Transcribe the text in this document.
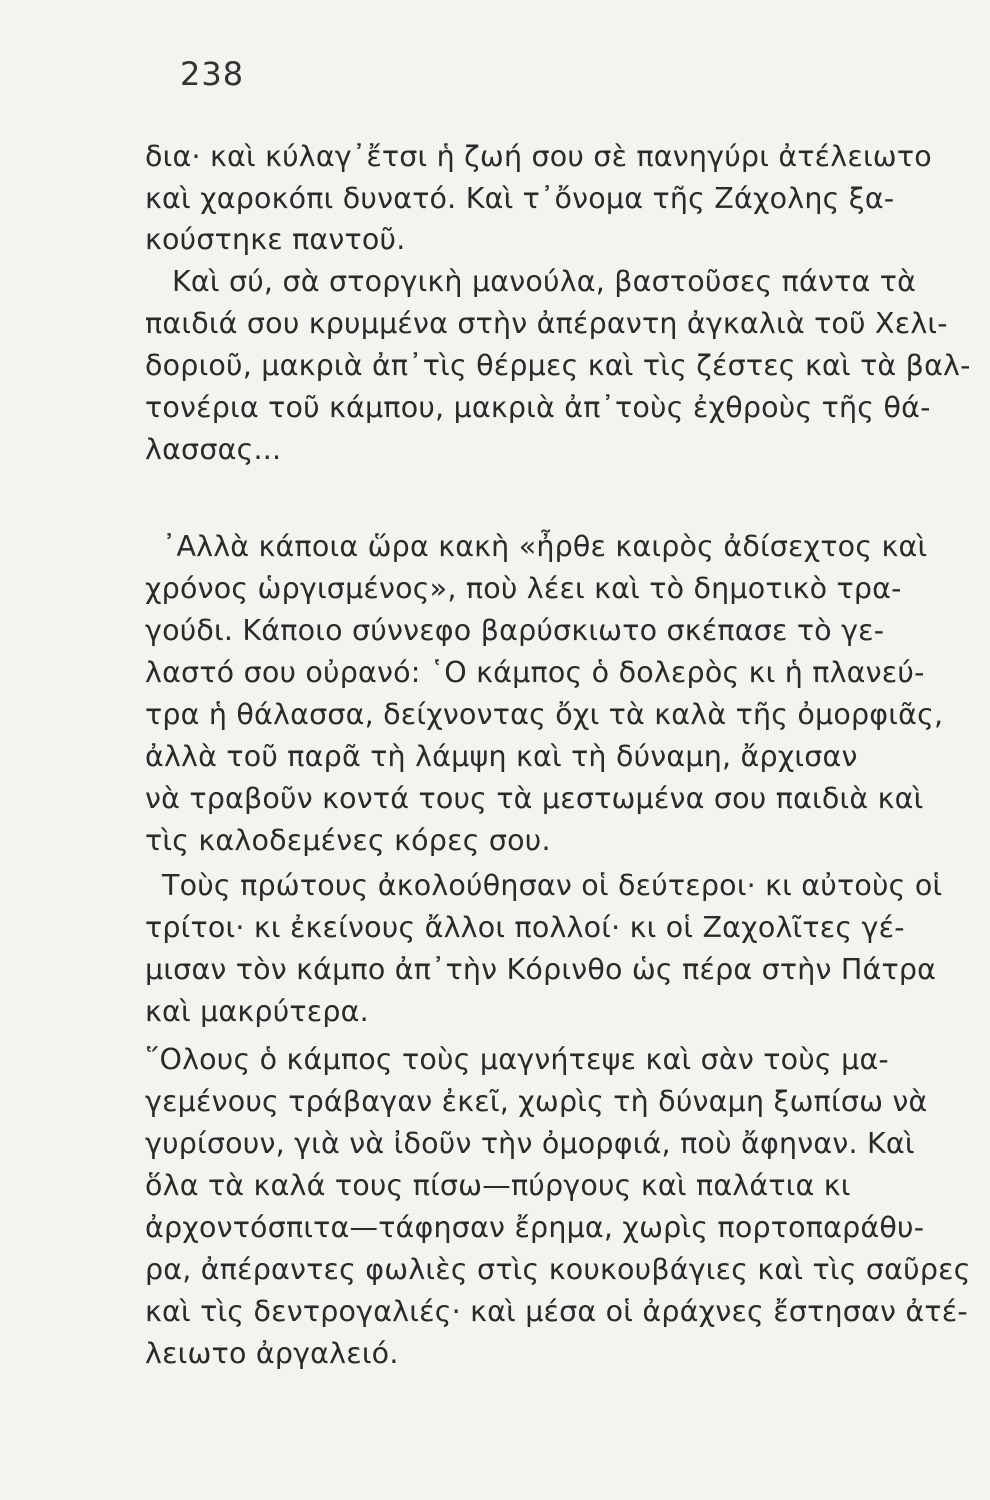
238
δια· καὶ κύλαγ᾽ἔτσι ἡ ζωή σου σὲ πανηγύρι ἀτέλειωτο
καὶ χαροκόπι δυνατό. Καὶ τ᾽ὄνομα τῆς Ζάχολης ξα-
κούστηκε παντοῦ.
Καὶ σύ, σὰ στοργικὴ μανούλα, βαστοῦσες πάντα τὰ
παιδιά σου κρυμμένα στὴν ἀπέραντη ἀγκαλιὰ τοῦ Χελι-
δοριοῦ, μακριὰ ἀπ᾽τὶς θέρμες καὶ τὶς ζέστες καὶ τὰ βαλ-
τονέρια τοῦ κάμπου, μακριὰ ἀπ᾽τοὺς ἐχθροὺς τῆς θά-
λασσας...
᾽Αλλὰ κάποια ὥρα κακὴ «ἦρθε καιρὸς ἀδίσεχτος καὶ
χρόνος ὡργισμένος», ποὺ λέει καὶ τὸ δημοτικὸ τρα-
γούδι. Κάποιο σύννεφο βαρύσκιωτο σκέπασε τὸ γε-
λαστό σου οὐρανό: ῾Ο κάμπος ὁ δολερὸς κι ἡ πλανεύ-
τρα ἡ θάλασσα, δείχνοντας ὄχι τὰ καλὰ τῆς ὀμορφιᾶς,
ἀλλὰ τοῦ παρᾶ τὴ λάμψη καὶ τὴ δύναμη, ἄρχισαν
νὰ τραβοῦν κοντά τους τὰ μεστωμένα σου παιδιὰ καὶ
τὶς καλοδεμένες κόρες σου.
Τοὺς πρώτους ἀκολούθησαν οἱ δεύτεροι· κι αὐτοὺς οἱ
τρίτοι· κι ἐκείνους ἄλλοι πολλοί· κι οἱ Ζαχολῖτες γέ-
μισαν τὸν κάμπο ἀπ᾽τὴν Κόρινθο ὡς πέρα στὴν Πάτρα
καὶ μακρύτερα.
῞Ολους ὁ κάμπος τοὺς μαγνήτεψε καὶ σὰν τοὺς μα-
γεμένους τράβαγαν ἐκεῖ, χωρὶς τὴ δύναμη ξωπίσω νὰ
γυρίσουν, γιὰ νὰ ἰδοῦν τὴν ὀμορφιά, ποὺ ἄφηναν. Καὶ
ὅλα τὰ καλά τους πίσω—πύργους καὶ παλάτια κι
ἀρχοντόσπιτα—τάφησαν ἔρημα, χωρὶς πορτοπαράθυ-
ρα, ἀπέραντες φωλιὲς στὶς κουκουβάγιες καὶ τὶς σαῦρες
καὶ τὶς δεντρογαλιές· καὶ μέσα οἱ ἀράχνες ἔστησαν ἀτέ-
λειωτο ἀργαλειό.
